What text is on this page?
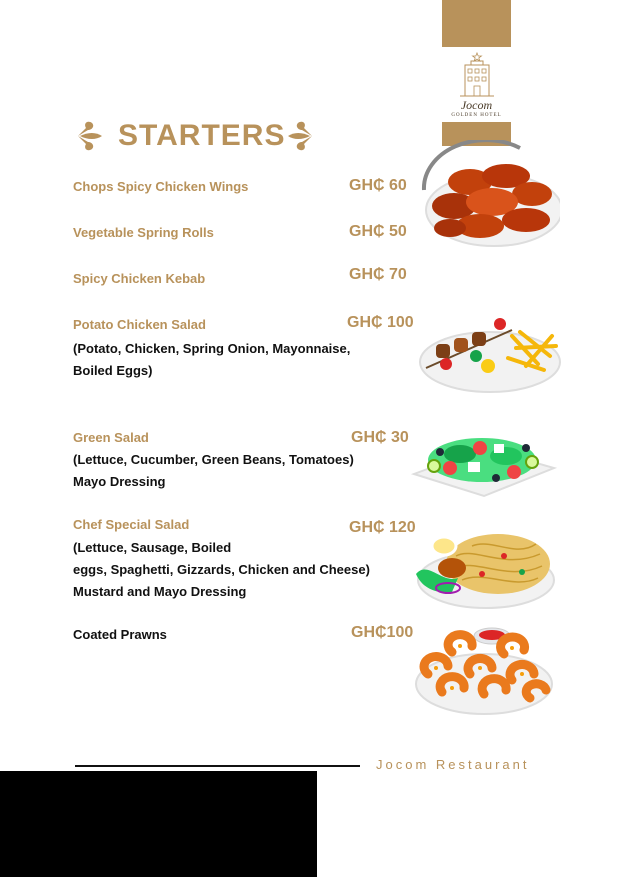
Jocom
GOLDEN HOTEL
STARTERS
Chops Spicy Chicken Wings	GH₵ 60
Vegetable Spring Rolls	GH₵ 50
Spicy Chicken Kebab	GH₵ 70
Potato Chicken Salad	GH₵ 100
(Potato, Chicken, Spring Onion, Mayonnaise,
Boiled Eggs)
Green Salad	GH₵ 30
(Lettuce, Cucumber, Green Beans, Tomatoes)
Mayo Dressing
Chef Special Salad	GH₵ 120
(Lettuce, Sausage, Boiled
eggs, Spaghetti, Gizzards, Chicken and Cheese)
Mustard and Mayo Dressing
Coated Prawns	GH₵100
Jocom Restaurant
